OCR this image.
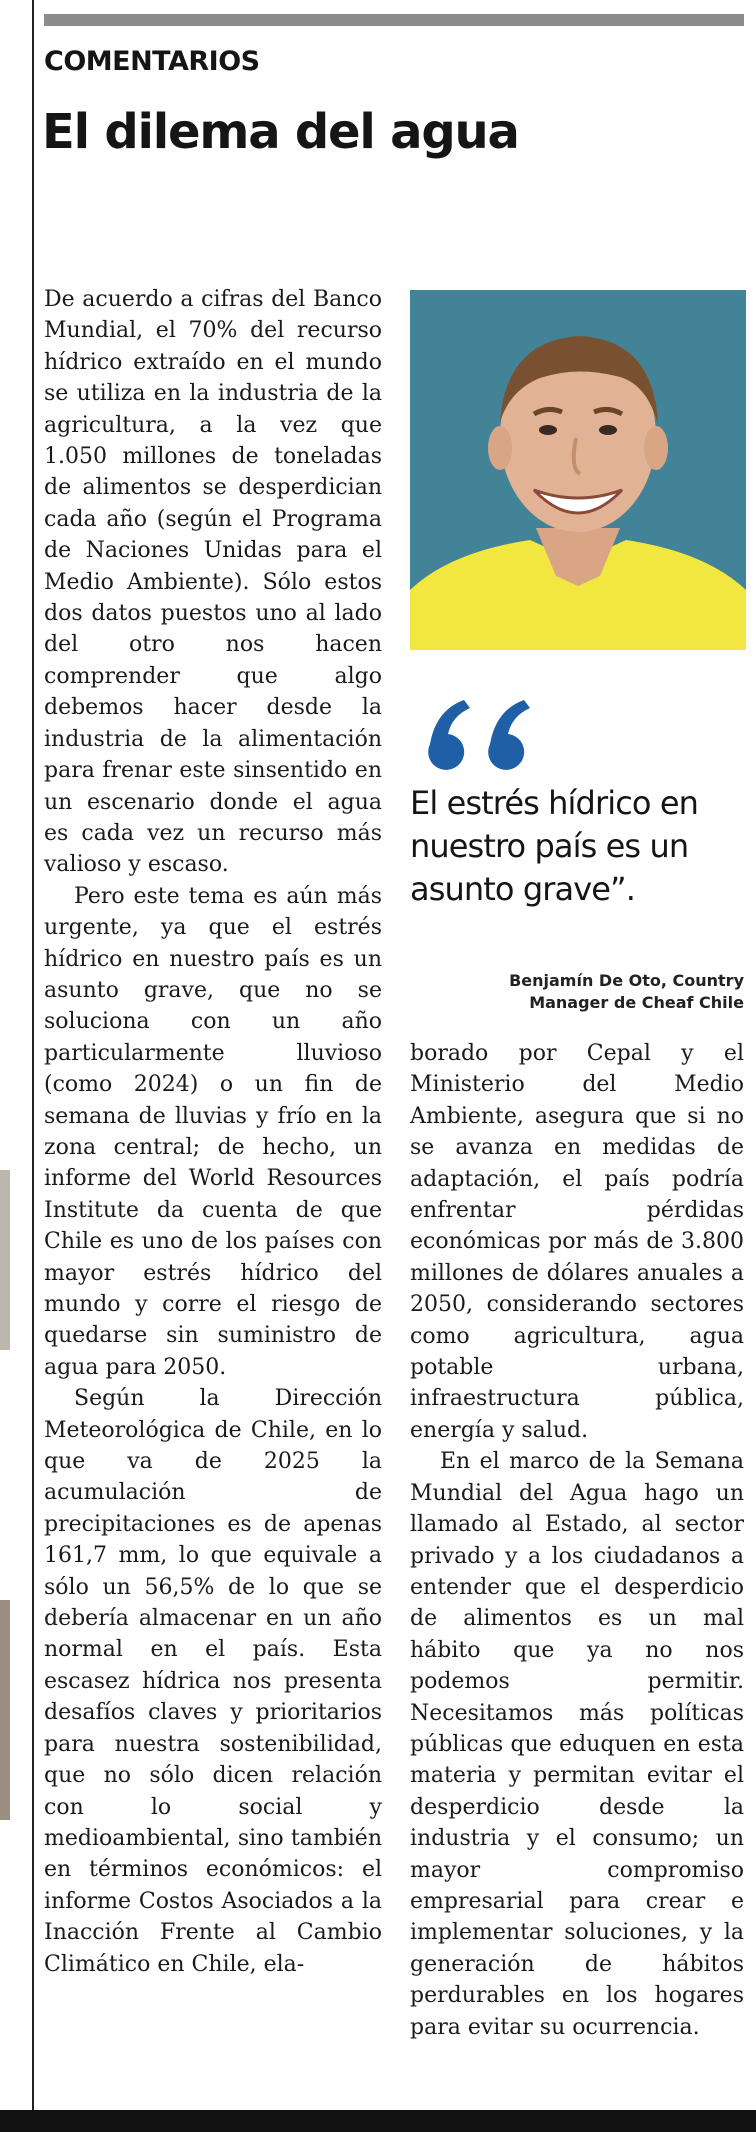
COMENTARIOS
El dilema del agua

De acuerdo a cifras del Banco Mundial, el 70% del recurso hídrico extraído en el mundo se utiliza en la industria de la agricultura, a la vez que 1.050 millones de toneladas de alimentos se desperdician cada año (según el Programa de Naciones Unidas para el Medio Ambiente). Sólo estos dos datos puestos uno al lado del otro nos hacen comprender que algo debemos hacer desde la industria de la alimentación para frenar este sinsentido en un escenario donde el agua es cada vez un recurso más valioso y escaso.

Pero este tema es aún más urgente, ya que el estrés hídrico en nuestro país es un asunto grave, que no se soluciona con un año particularmente lluvioso (como 2024) o un fin de semana de lluvias y frío en la zona central; de hecho, un informe del World Resources Institute da cuenta de que Chile es uno de los países con mayor estrés hídrico del mundo y corre el riesgo de quedarse sin suministro de agua para 2050.

Según la Dirección Meteorológica de Chile, en lo que va de 2025 la acumulación de precipitaciones es de apenas 161,7 mm, lo que equivale a sólo un 56,5% de lo que se debería almacenar en un año normal en el país. Esta escasez hídrica nos presenta desafíos claves y prioritarios para nuestra sostenibilidad, que no sólo dicen relación con lo social y medioambiental, sino también en términos económicos: el informe Costos Asociados a la Inacción Frente al Cambio Climático en Chile, ela-

El estrés hídrico en nuestro país es un asunto grave”.

Benjamín De Oto, Country
Manager de Cheaf Chile

borado por Cepal y el Ministerio del Medio Ambiente, asegura que si no se avanza en medidas de adaptación, el país podría enfrentar pérdidas económicas por más de 3.800 millones de dólares anuales a 2050, considerando sectores como agricultura, agua potable urbana, infraestructura pública, energía y salud.

En el marco de la Semana Mundial del Agua hago un llamado al Estado, al sector privado y a los ciudadanos a entender que el desperdicio de alimentos es un mal hábito que ya no nos podemos permitir. Necesitamos más políticas públicas que eduquen en esta materia y permitan evitar el desperdicio desde la industria y el consumo; un mayor compromiso empresarial para crear e implementar soluciones, y la generación de hábitos perdurables en los hogares para evitar su ocurrencia.
